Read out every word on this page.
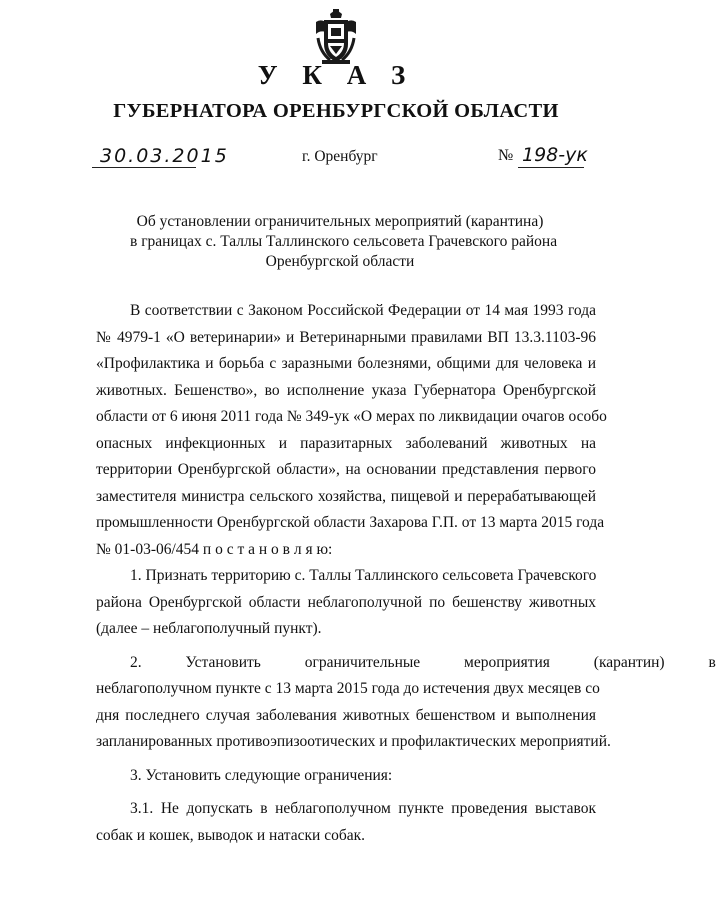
У К А З
ГУБЕРНАТОРА ОРЕНБУРГСКОЙ ОБЛАСТИ
30.03.2015	г. Оренбург	№ 198-ук
Об установлении ограничительных мероприятий (карантина)
в границах с. Таллы Таллинского сельсовета Грачевского района
Оренбургской области
В соответствии с Законом Российской Федерации от 14 мая 1993 года
№ 4979-1 «О ветеринарии» и Ветеринарными правилами ВП 13.3.1103-96
«Профилактика и борьба с заразными болезнями, общими для человека и
животных. Бешенство», во исполнение указа Губернатора Оренбургской
области от 6 июня 2011 года № 349-ук «О мерах по ликвидации очагов особо
опасных инфекционных и паразитарных заболеваний животных на
территории Оренбургской области», на основании представления первого
заместителя министра сельского хозяйства, пищевой и перерабатывающей
промышленности Оренбургской области Захарова Г.П. от 13 марта 2015 года
№ 01-03-06/454 п о с т а н о в л я ю:
1. Признать территорию с. Таллы Таллинского сельсовета Грачевского
района Оренбургской области неблагополучной по бешенству животных
(далее – неблагополучный пункт).
2. Установить ограничительные мероприятия (карантин) в
неблагополучном пункте с 13 марта 2015 года до истечения двух месяцев со
дня последнего случая заболевания животных бешенством и выполнения
запланированных противоэпизоотических и профилактических мероприятий.
3. Установить следующие ограничения:
3.1. Не допускать в неблагополучном пункте проведения выставок
собак и кошек, выводок и натаски собак.
